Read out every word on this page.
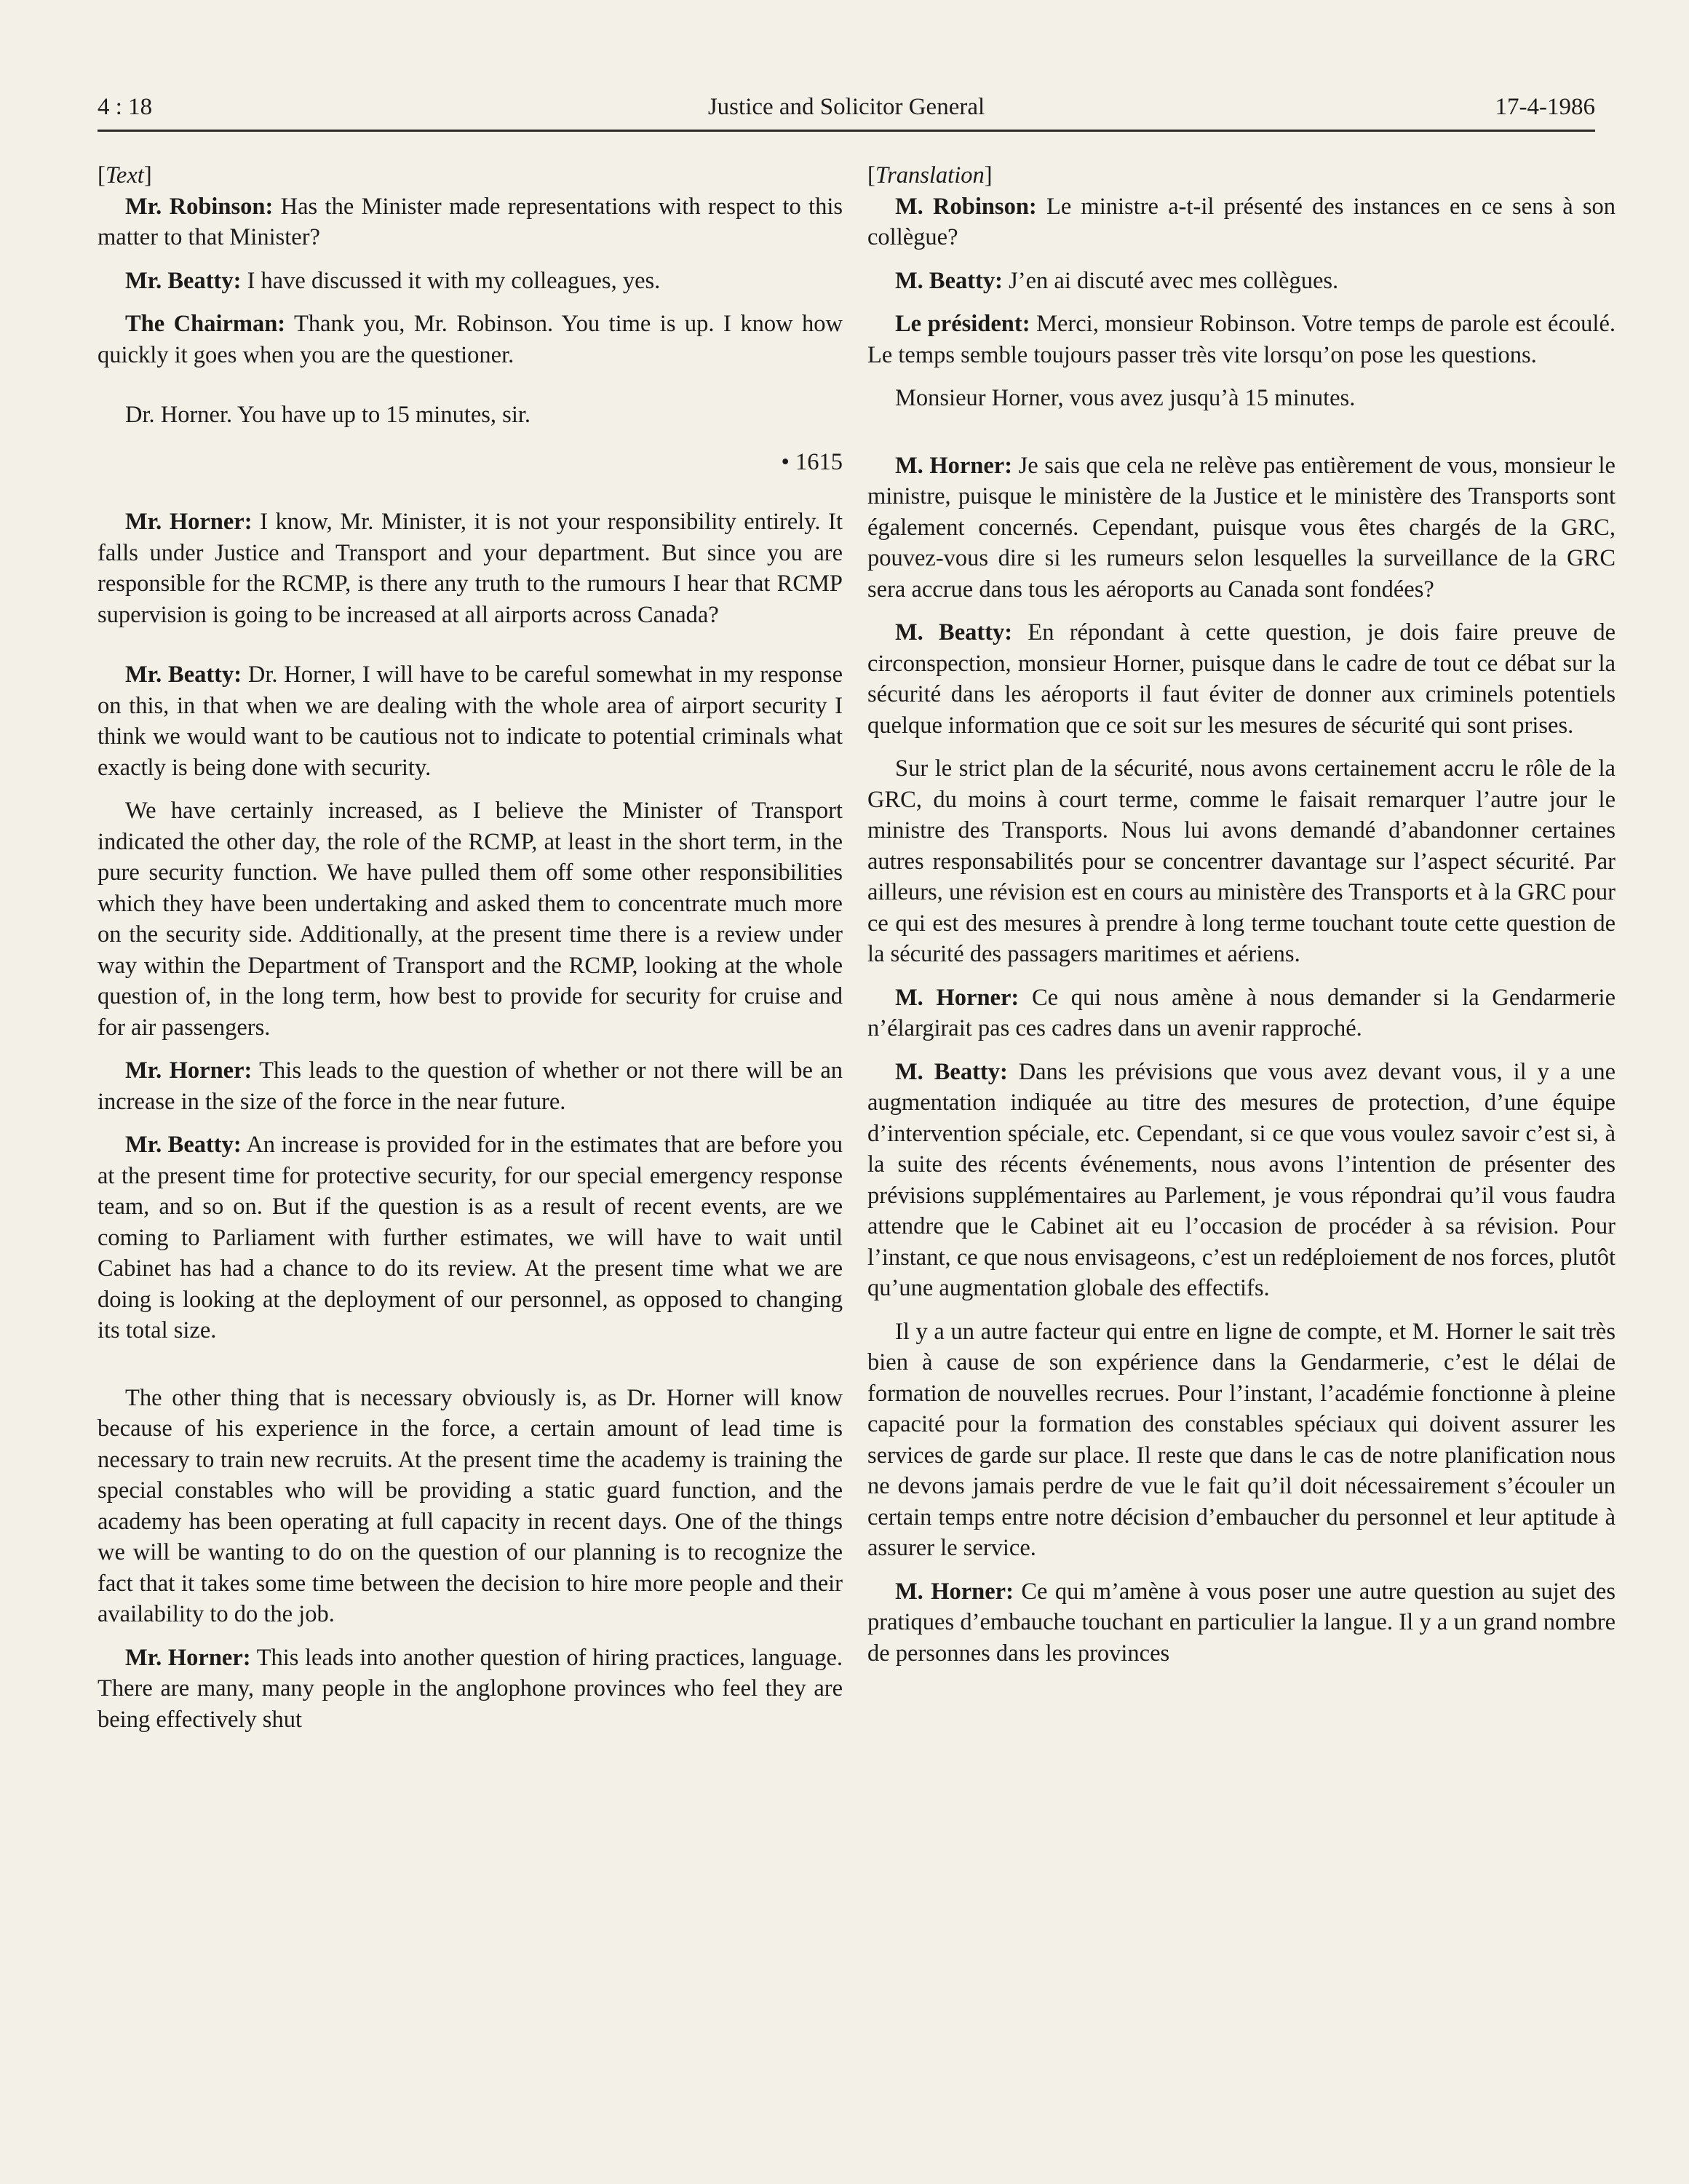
4 : 18	Justice and Solicitor General	17-4-1986

[Text]

Mr. Robinson: Has the Minister made representations with respect to this matter to that Minister?

Mr. Beatty: I have discussed it with my colleagues, yes.

The Chairman: Thank you, Mr. Robinson. You time is up. I know how quickly it goes when you are the questioner.

Dr. Horner. You have up to 15 minutes, sir.

• 1615

Mr. Horner: I know, Mr. Minister, it is not your responsibility entirely. It falls under Justice and Transport and your department. But since you are responsible for the RCMP, is there any truth to the rumours I hear that RCMP supervision is going to be increased at all airports across Canada?

Mr. Beatty: Dr. Horner, I will have to be careful somewhat in my response on this, in that when we are dealing with the whole area of airport security I think we would want to be cautious not to indicate to potential criminals what exactly is being done with security.

We have certainly increased, as I believe the Minister of Transport indicated the other day, the role of the RCMP, at least in the short term, in the pure security function. We have pulled them off some other responsibilities which they have been undertaking and asked them to concentrate much more on the security side. Additionally, at the present time there is a review under way within the Department of Transport and the RCMP, looking at the whole question of, in the long term, how best to provide for security for cruise and for air passengers.

Mr. Horner: This leads to the question of whether or not there will be an increase in the size of the force in the near future.

Mr. Beatty: An increase is provided for in the estimates that are before you at the present time for protective security, for our special emergency response team, and so on. But if the question is as a result of recent events, are we coming to Parliament with further estimates, we will have to wait until Cabinet has had a chance to do its review. At the present time what we are doing is looking at the deployment of our personnel, as opposed to changing its total size.

The other thing that is necessary obviously is, as Dr. Horner will know because of his experience in the force, a certain amount of lead time is necessary to train new recruits. At the present time the academy is training the special constables who will be providing a static guard function, and the academy has been operating at full capacity in recent days. One of the things we will be wanting to do on the question of our planning is to recognize the fact that it takes some time between the decision to hire more people and their availability to do the job.

Mr. Horner: This leads into another question of hiring practices, language. There are many, many people in the anglophone provinces who feel they are being effectively shut

[Translation]

M. Robinson: Le ministre a-t-il présenté des instances en ce sens à son collègue?

M. Beatty: J’en ai discuté avec mes collègues.

Le président: Merci, monsieur Robinson. Votre temps de parole est écoulé. Le temps semble toujours passer très vite lorsqu’on pose les questions.

Monsieur Horner, vous avez jusqu’à 15 minutes.

M. Horner: Je sais que cela ne relève pas entièrement de vous, monsieur le ministre, puisque le ministère de la Justice et le ministère des Transports sont également concernés. Cependant, puisque vous êtes chargés de la GRC, pouvez-vous dire si les rumeurs selon lesquelles la surveillance de la GRC sera accrue dans tous les aéroports au Canada sont fondées?

M. Beatty: En répondant à cette question, je dois faire preuve de circonspection, monsieur Horner, puisque dans le cadre de tout ce débat sur la sécurité dans les aéroports il faut éviter de donner aux criminels potentiels quelque information que ce soit sur les mesures de sécurité qui sont prises.

Sur le strict plan de la sécurité, nous avons certainement accru le rôle de la GRC, du moins à court terme, comme le faisait remarquer l’autre jour le ministre des Transports. Nous lui avons demandé d’abandonner certaines autres responsabilités pour se concentrer davantage sur l’aspect sécurité. Par ailleurs, une révision est en cours au ministère des Transports et à la GRC pour ce qui est des mesures à prendre à long terme touchant toute cette question de la sécurité des passagers maritimes et aériens.

M. Horner: Ce qui nous amène à nous demander si la Gendarmerie n’élargirait pas ces cadres dans un avenir rapproché.

M. Beatty: Dans les prévisions que vous avez devant vous, il y a une augmentation indiquée au titre des mesures de protection, d’une équipe d’intervention spéciale, etc. Cependant, si ce que vous voulez savoir c’est si, à la suite des récents événements, nous avons l’intention de présenter des prévisions supplémentaires au Parlement, je vous répondrai qu’il vous faudra attendre que le Cabinet ait eu l’occasion de procéder à sa révision. Pour l’instant, ce que nous envisageons, c’est un redéploiement de nos forces, plutôt qu’une augmentation globale des effectifs.

Il y a un autre facteur qui entre en ligne de compte, et M. Horner le sait très bien à cause de son expérience dans la Gendarmerie, c’est le délai de formation de nouvelles recrues. Pour l’instant, l’académie fonctionne à pleine capacité pour la formation des constables spéciaux qui doivent assurer les services de garde sur place. Il reste que dans le cas de notre planification nous ne devons jamais perdre de vue le fait qu’il doit nécessairement s’écouler un certain temps entre notre décision d’embaucher du personnel et leur aptitude à assurer le service.

M. Horner: Ce qui m’amène à vous poser une autre question au sujet des pratiques d’embauche touchant en particulier la langue. Il y a un grand nombre de personnes dans les provinces
